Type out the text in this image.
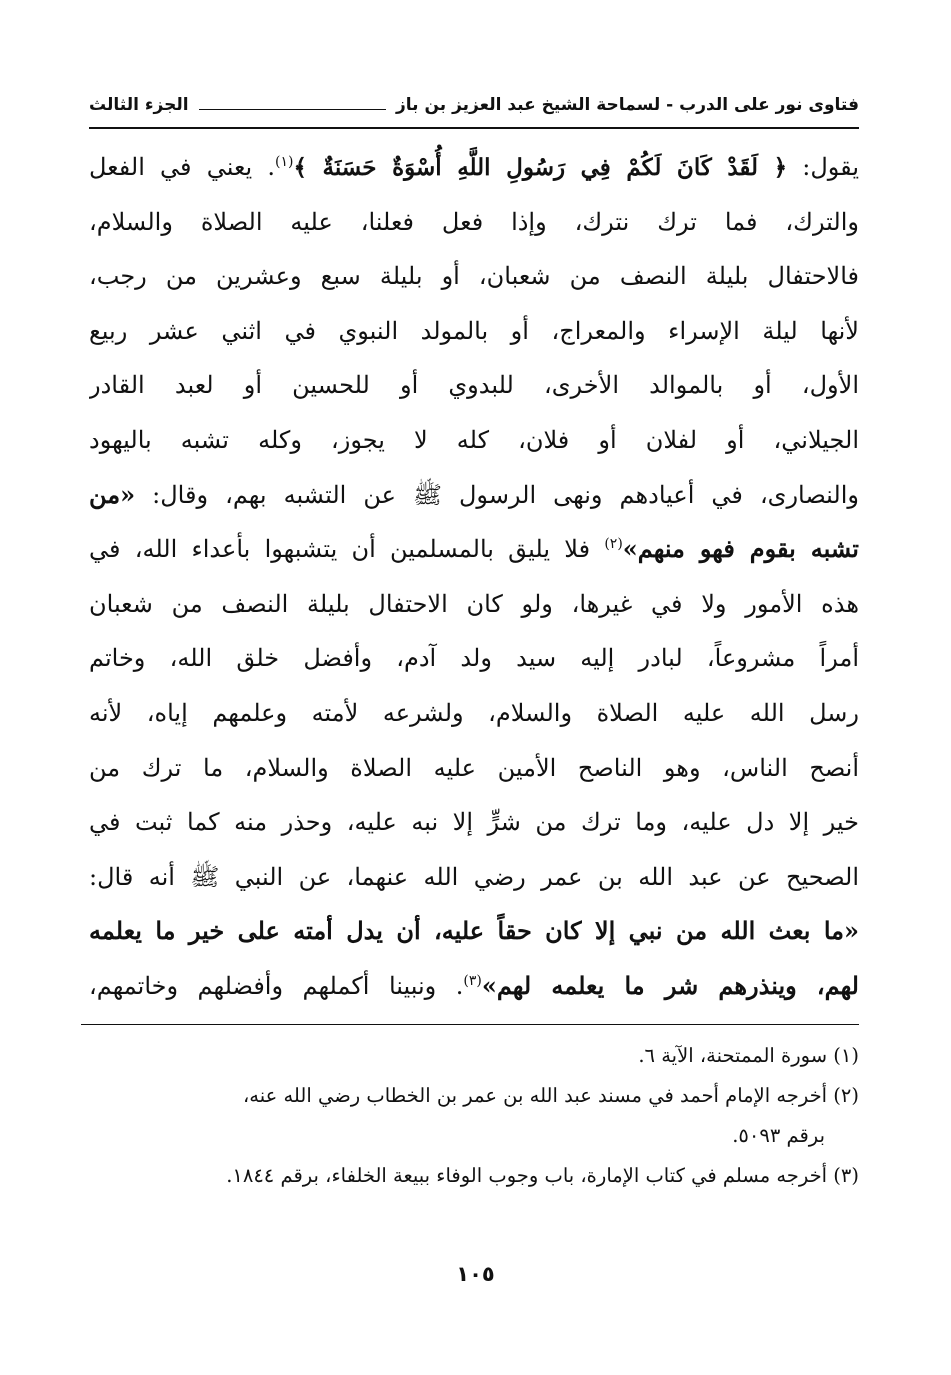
فتاوى نور على الدرب - لسماحة الشيخ عبد العزيز بن باز
الجزء الثالث
يقول: ﴿ لَقَدْ كَانَ لَكُمْ فِي رَسُولِ اللَّهِ أُسْوَةٌ حَسَنَةٌ ﴾$^{(١)}$. يعني في الفعل
والترك، فما ترك نترك، وإذا فعل فعلنا، عليه الصلاة والسلام،
فالاحتفال بليلة النصف من شعبان، أو بليلة سبع وعشرين من رجب،
لأنها ليلة الإسراء والمعراج، أو بالمولد النبوي في اثني عشر ربيع
الأول، أو بالموالد الأخرى، للبدوي أو للحسين أو لعبد القادر
الجيلاني، أو لفلان أو فلان، كله لا يجوز، وكله تشبه باليهود
والنصارى، في أعيادهم ونهى الرسول ﷺ عن التشبه بهم، وقال: «من
تشبه بقوم فهو منهم»$^{(٢)}$ فلا يليق بالمسلمين أن يتشبهوا بأعداء الله، في
هذه الأمور ولا في غيرها، ولو كان الاحتفال بليلة النصف من شعبان
أمراً مشروعاً، لبادر إليه سيد ولد آدم، وأفضل خلق الله، وخاتم
رسل الله عليه الصلاة والسلام، ولشرعه لأمته وعلمهم إياه، لأنه
أنصح الناس، وهو الناصح الأمين عليه الصلاة والسلام، ما ترك من
خير إلا دل عليه، وما ترك من شرٍّ إلا نبه عليه، وحذر منه كما ثبت في
الصحيح عن عبد الله بن عمر رضي الله عنهما، عن النبي ﷺ أنه قال:
«ما بعث الله من نبي إلا كان حقاً عليه، أن يدل أمته على خير ما يعلمه
لهم، وينذرهم شر ما يعلمه لهم»$^{(٣)}$. ونبينا أكملهم وأفضلهم وخاتمهم،
(١) سورة الممتحنة، الآية ٦.
(٢) أخرجه الإمام أحمد في مسند عبد الله بن عمر بن الخطاب رضي الله عنه،
برقم ٥٠٩٣.
(٣) أخرجه مسلم في كتاب الإمارة، باب وجوب الوفاء ببيعة الخلفاء، برقم ١٨٤٤.
١٠٥
